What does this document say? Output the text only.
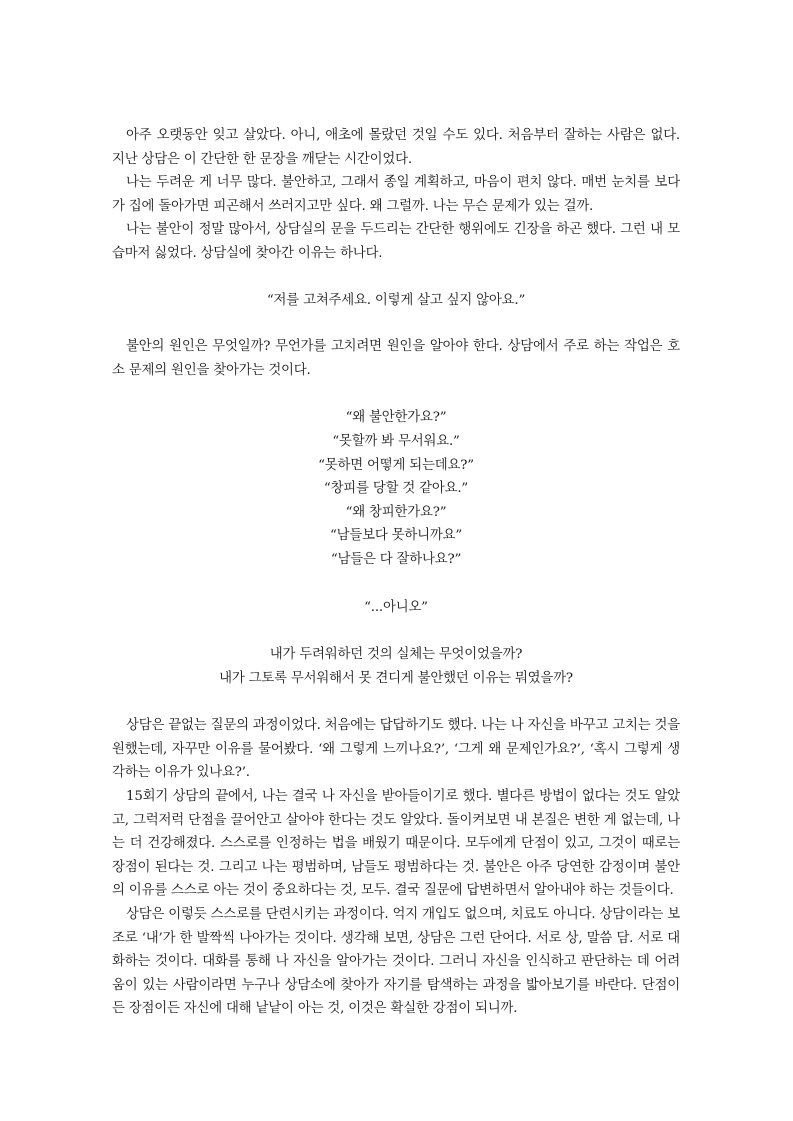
아주 오랫동안 잊고 살았다. 아니, 애초에 몰랐던 것일 수도 있다. 처음부터 잘하는 사람은 없다. 지난 상담은 이 간단한 한 문장을 깨닫는 시간이었다.

나는 두려운 게 너무 많다. 불안하고, 그래서 종일 계획하고, 마음이 편치 않다. 매번 눈치를 보다가 집에 돌아가면 피곤해서 쓰러지고만 싶다. 왜 그럴까. 나는 무슨 문제가 있는 걸까.

나는 불안이 정말 많아서, 상담실의 문을 두드리는 간단한 행위에도 긴장을 하곤 했다. 그런 내 모습마저 싫었다. 상담실에 찾아간 이유는 하나다.

“저를 고쳐주세요. 이렇게 살고 싶지 않아요.”

불안의 원인은 무엇일까? 무언가를 고치려면 원인을 알아야 한다. 상담에서 주로 하는 작업은 호소 문제의 원인을 찾아가는 것이다.

“왜 불안한가요?”

“못할까 봐 무서워요.”

“못하면 어떻게 되는데요?”

“창피를 당할 것 같아요.”

“왜 창피한가요?”

“남들보다 못하니까요”

“남들은 다 잘하나요?”

“...아니오”

내가 두려워하던 것의 실체는 무엇이었을까?

내가 그토록 무서워해서 못 견디게 불안했던 이유는 뭐였을까?

상담은 끝없는 질문의 과정이었다. 처음에는 답답하기도 했다. 나는 나 자신을 바꾸고 고치는 것을 원했는데, 자꾸만 이유를 물어봤다. ‘왜 그렇게 느끼나요?’, ‘그게 왜 문제인가요?’, ‘혹시 그렇게 생각하는 이유가 있나요?’.

15회기 상담의 끝에서, 나는 결국 나 자신을 받아들이기로 했다. 별다른 방법이 없다는 것도 알았고, 그럭저럭 단점을 끌어안고 살아야 한다는 것도 알았다. 돌이켜보면 내 본질은 변한 게 없는데, 나는 더 건강해졌다. 스스로를 인정하는 법을 배웠기 때문이다. 모두에게 단점이 있고, 그것이 때로는 장점이 된다는 것. 그리고 나는 평범하며, 남들도 평범하다는 것. 불안은 아주 당연한 감정이며 불안의 이유를 스스로 아는 것이 중요하다는 것, 모두. 결국 질문에 답변하면서 알아내야 하는 것들이다.

상담은 이렇듯 스스로를 단련시키는 과정이다. 억지 개입도 없으며, 치료도 아니다. 상담이라는 보조로 ‘내’가 한 발짝씩 나아가는 것이다. 생각해 보면, 상담은 그런 단어다. 서로 상, 말씀 담. 서로 대화하는 것이다. 대화를 통해 나 자신을 알아가는 것이다. 그러니 자신을 인식하고 판단하는 데 어려움이 있는 사람이라면 누구나 상담소에 찾아가 자기를 탐색하는 과정을 밟아보기를 바란다. 단점이든 장점이든 자신에 대해 낱낱이 아는 것, 이것은 확실한 강점이 되니까.
